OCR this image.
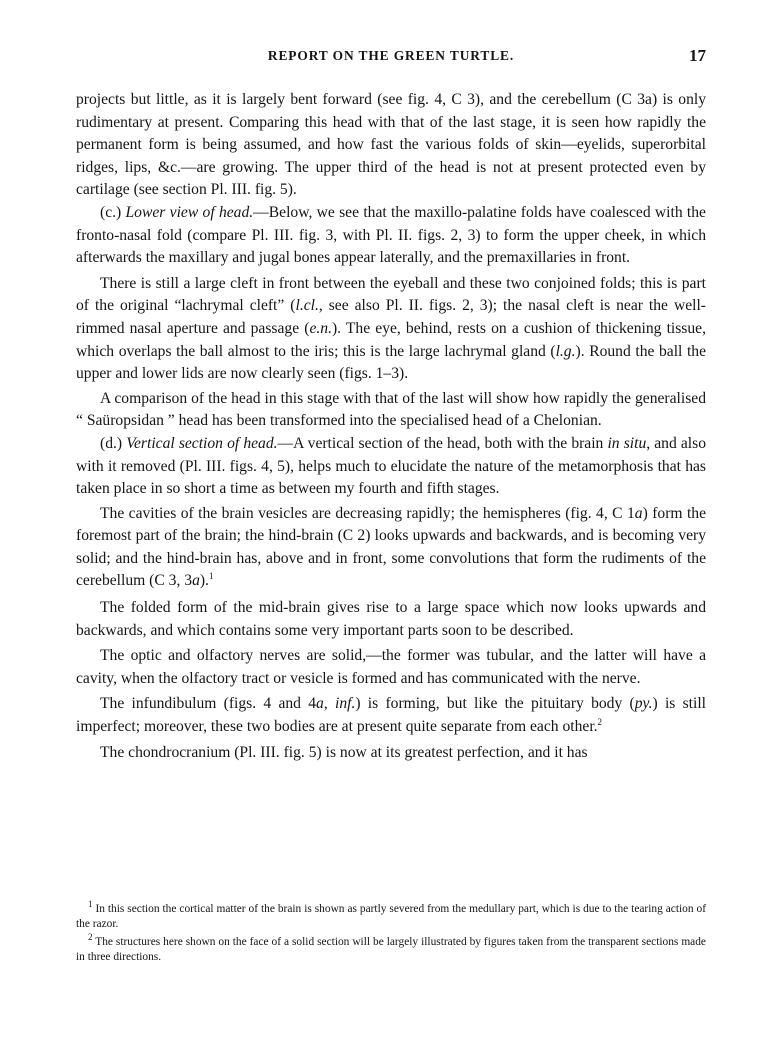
REPORT ON THE GREEN TURTLE.	17

projects but little, as it is largely bent forward (see fig. 4, C 3), and the cerebellum (C 3a) is only rudimentary at present. Comparing this head with that of the last stage, it is seen how rapidly the permanent form is being assumed, and how fast the various folds of skin—eyelids, superorbital ridges, lips, &c.—are growing. The upper third of the head is not at present protected even by cartilage (see section Pl. III. fig. 5).

(c.) Lower view of head.—Below, we see that the maxillo-palatine folds have coalesced with the fronto-nasal fold (compare Pl. III. fig. 3, with Pl. II. figs. 2, 3) to form the upper cheek, in which afterwards the maxillary and jugal bones appear laterally, and the premaxillaries in front.

There is still a large cleft in front between the eyeball and these two conjoined folds; this is part of the original “lachrymal cleft” (l.cl., see also Pl. II. figs. 2, 3); the nasal cleft is near the well-rimmed nasal aperture and passage (e.n.). The eye, behind, rests on a cushion of thickening tissue, which overlaps the ball almost to the iris; this is the large lachrymal gland (l.g.). Round the ball the upper and lower lids are now clearly seen (figs. 1–3).

A comparison of the head in this stage with that of the last will show how rapidly the generalised “ Saüropsidan ” head has been transformed into the specialised head of a Chelonian.

(d.) Vertical section of head.—A vertical section of the head, both with the brain in situ, and also with it removed (Pl. III. figs. 4, 5), helps much to elucidate the nature of the metamorphosis that has taken place in so short a time as between my fourth and fifth stages.

The cavities of the brain vesicles are decreasing rapidly; the hemispheres (fig. 4, C 1a) form the foremost part of the brain; the hind-brain (C 2) looks upwards and backwards, and is becoming very solid; and the hind-brain has, above and in front, some convolutions that form the rudiments of the cerebellum (C 3, 3a).$^1$

The folded form of the mid-brain gives rise to a large space which now looks upwards and backwards, and which contains some very important parts soon to be described.

The optic and olfactory nerves are solid,—the former was tubular, and the latter will have a cavity, when the olfactory tract or vesicle is formed and has communicated with the nerve.

The infundibulum (figs. 4 and 4a, inf.) is forming, but like the pituitary body (py.) is still imperfect; moreover, these two bodies are at present quite separate from each other.$^2$

The chondrocranium (Pl. III. fig. 5) is now at its greatest perfection, and it has

$^1$ In this section the cortical matter of the brain is shown as partly severed from the medullary part, which is due to the tearing action of the razor.

$^2$ The structures here shown on the face of a solid section will be largely illustrated by figures taken from the transparent sections made in three directions.
